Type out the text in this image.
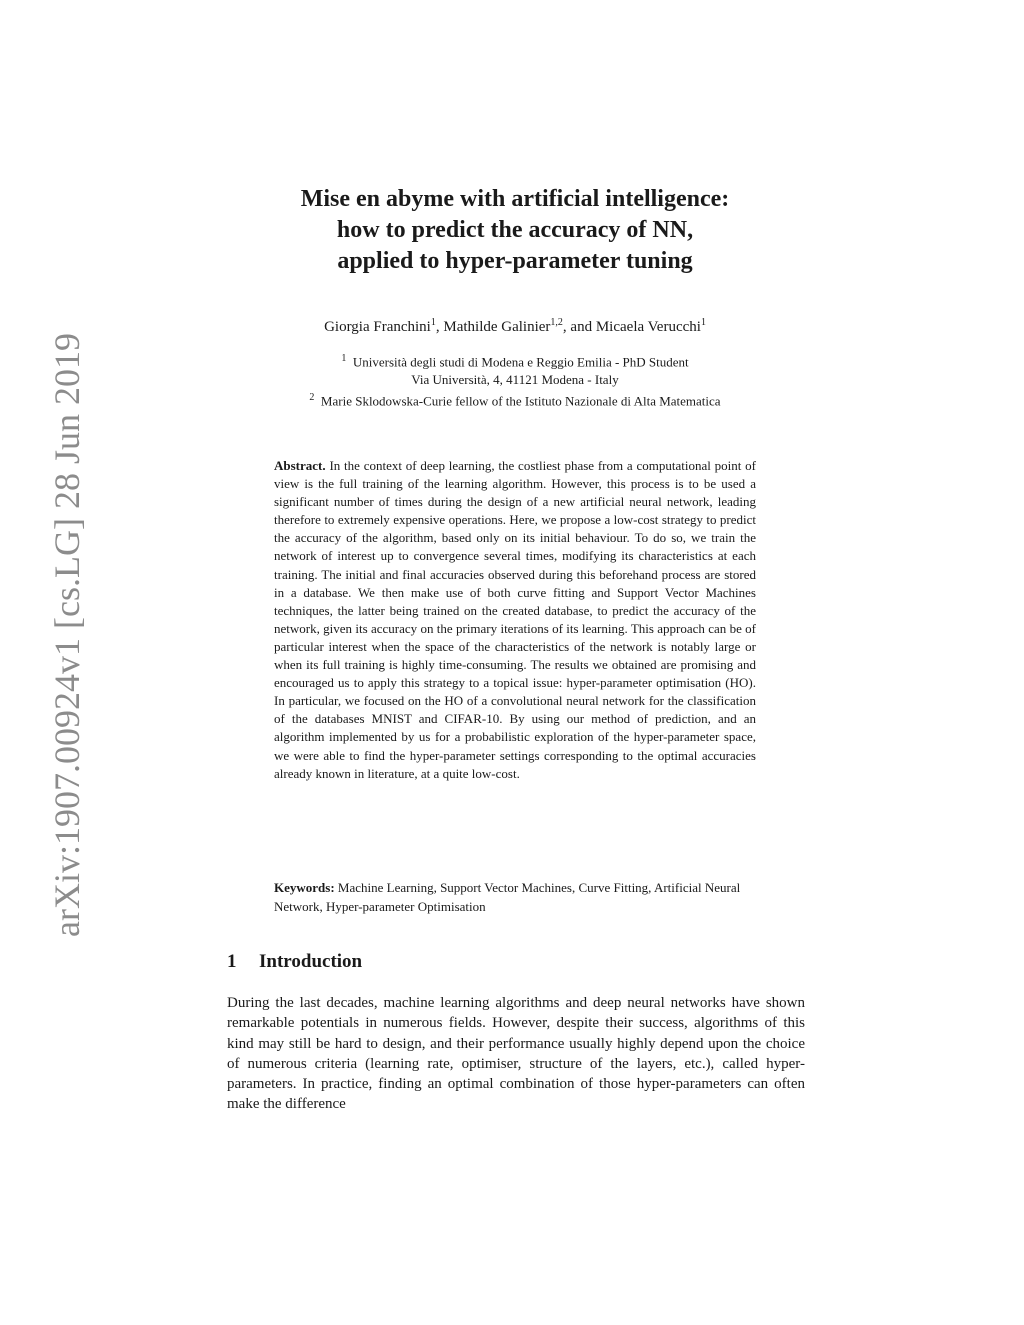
arXiv:1907.00924v1 [cs.LG] 28 Jun 2019
Mise en abyme with artificial intelligence:
how to predict the accuracy of NN,
applied to hyper-parameter tuning
Giorgia Franchini$^1$, Mathilde Galinier$^{1,2}$, and Micaela Verucchi$^1$
$^1$ Università degli studi di Modena e Reggio Emilia - PhD Student
Via Università, 4, 41121 Modena - Italy
$^2$ Marie Sklodowska-Curie fellow of the Istituto Nazionale di Alta Matematica
Abstract. In the context of deep learning, the costliest phase from a computational point of view is the full training of the learning algorithm. However, this process is to be used a significant number of times during the design of a new artificial neural network, leading therefore to extremely expensive operations. Here, we propose a low-cost strategy to predict the accuracy of the algorithm, based only on its initial behaviour. To do so, we train the network of interest up to convergence several times, modifying its characteristics at each training. The initial and final accuracies observed during this beforehand process are stored in a database. We then make use of both curve fitting and Support Vector Machines techniques, the latter being trained on the created database, to predict the accuracy of the network, given its accuracy on the primary iterations of its learning. This approach can be of particular interest when the space of the characteristics of the network is notably large or when its full training is highly time-consuming. The results we obtained are promising and encouraged us to apply this strategy to a topical issue: hyper-parameter optimisation (HO). In particular, we focused on the HO of a convolutional neural network for the classification of the databases MNIST and CIFAR-10. By using our method of prediction, and an algorithm implemented by us for a probabilistic exploration of the hyper-parameter space, we were able to find the hyper-parameter settings corresponding to the optimal accuracies already known in literature, at a quite low-cost.
Keywords: Machine Learning, Support Vector Machines, Curve Fitting, Artificial Neural Network, Hyper-parameter Optimisation
1 Introduction
During the last decades, machine learning algorithms and deep neural networks have shown remarkable potentials in numerous fields. However, despite their success, algorithms of this kind may still be hard to design, and their performance usually highly depend upon the choice of numerous criteria (learning rate, optimiser, structure of the layers, etc.), called hyper-parameters. In practice, finding an optimal combination of those hyper-parameters can often make the difference
